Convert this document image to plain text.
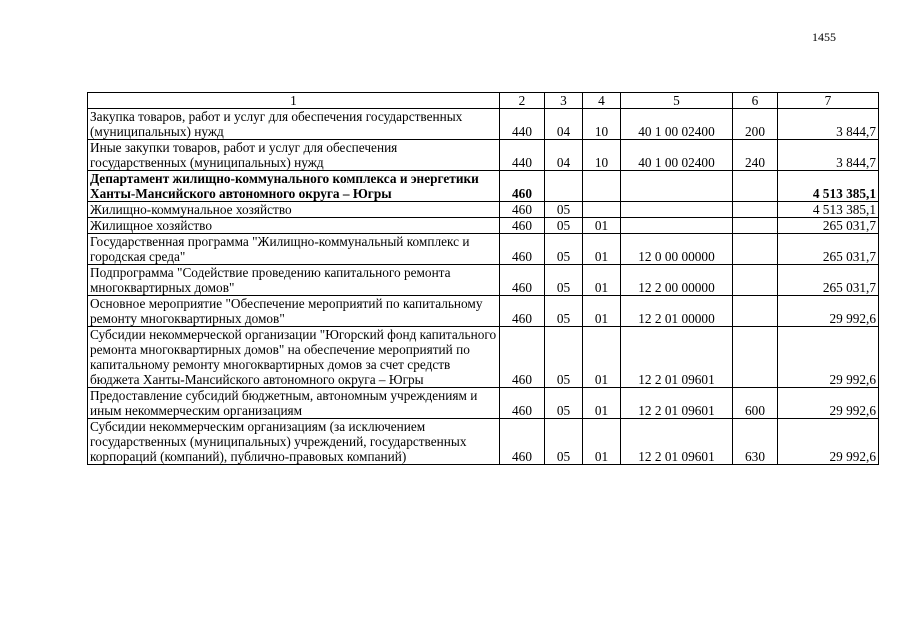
1455
1	2	3	4	5	6	7
Закупка товаров, работ и услуг для обеспечения государственных (муниципальных) нужд	440	04	10	40 1 00 02400	200	3 844,7
Иные закупки товаров, работ и услуг для обеспечения государственных (муниципальных) нужд	440	04	10	40 1 00 02400	240	3 844,7
Департамент жилищно-коммунального комплекса и энергетики Ханты-Мансийского автономного округа – Югры	460					4 513 385,1
Жилищно-коммунальное хозяйство	460	05				4 513 385,1
Жилищное хозяйство	460	05	01			265 031,7
Государственная программа "Жилищно-коммунальный комплекс и городская среда"	460	05	01	12 0 00 00000		265 031,7
Подпрограмма "Содействие проведению капитального ремонта многоквартирных домов"	460	05	01	12 2 00 00000		265 031,7
Основное мероприятие "Обеспечение мероприятий по капитальному ремонту многоквартирных домов"	460	05	01	12 2 01 00000		29 992,6
Субсидии некоммерческой организации "Югорский фонд капитального ремонта многоквартирных домов" на обеспечение мероприятий по капитальному ремонту многоквартирных домов за счет средств бюджета Ханты-Мансийского автономного округа – Югры	460	05	01	12 2 01 09601		29 992,6
Предоставление субсидий бюджетным, автономным учреждениям и иным некоммерческим организациям	460	05	01	12 2 01 09601	600	29 992,6
Субсидии некоммерческим организациям (за исключением государственных (муниципальных) учреждений, государственных корпораций (компаний), публично-правовых компаний)	460	05	01	12 2 01 09601	630	29 992,6
